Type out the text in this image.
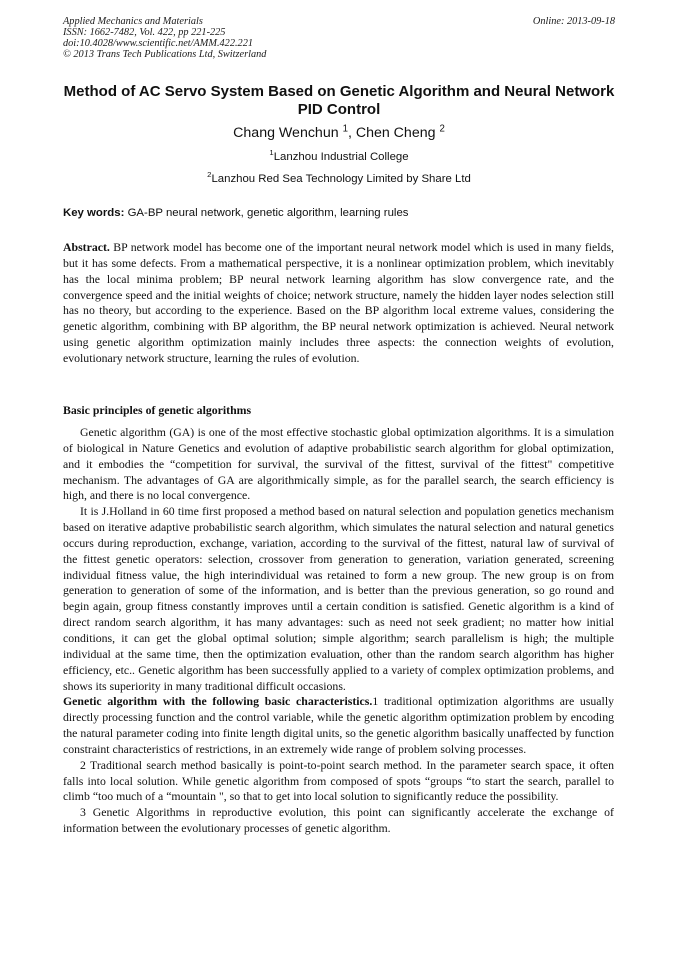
Applied Mechanics and Materials
ISSN: 1662-7482, Vol. 422, pp 221-225
doi:10.4028/www.scientific.net/AMM.422.221
© 2013 Trans Tech Publications Ltd, Switzerland
Online: 2013-09-18
Method of AC Servo System Based on Genetic Algorithm and Neural Network PID Control
Chang Wenchun $^1$, Chen Cheng $^2$
$^1$Lanzhou Industrial College
$^2$Lanzhou Red Sea Technology Limited by Share Ltd
Key words: GA-BP neural network, genetic algorithm, learning rules

Abstract. BP network model has become one of the important neural network model which is used in many fields, but it has some defects. From a mathematical perspective, it is a nonlinear optimization problem, which inevitably has the local minima problem; BP neural network learning algorithm has slow convergence rate, and the convergence speed and the initial weights of choice; network structure, namely the hidden layer nodes selection still has no theory, but according to the experience. Based on the BP algorithm local extreme values, considering the genetic algorithm, combining with BP algorithm, the BP neural network optimization is achieved. Neural network using genetic algorithm optimization mainly includes three aspects: the connection weights of evolution, evolutionary network structure, learning the rules of evolution.

Basic principles of genetic algorithms

Genetic algorithm (GA) is one of the most effective stochastic global optimization algorithms. It is a simulation of biological in Nature Genetics and evolution of adaptive probabilistic search algorithm for global optimization, and it embodies the “competition for survival, the survival of the fittest, survival of the fittest" competitive mechanism. The advantages of GA are algorithmically simple, as for the parallel search, the search efficiency is high, and there is no local convergence.

It is J.Holland in 60 time first proposed a method based on natural selection and population genetics mechanism based on iterative adaptive probabilistic search algorithm, which simulates the natural selection and natural genetics occurs during reproduction, exchange, variation, according to the survival of the fittest, natural law of survival of the fittest genetic operators: selection, crossover from generation to generation, variation generated, screening individual fitness value, the high interindividual was retained to form a new group. The new group is on from generation to generation of some of the information, and is better than the previous generation, so go round and begin again, group fitness constantly improves until a certain condition is satisfied. Genetic algorithm is a kind of direct random search algorithm, it has many advantages: such as need not seek gradient; no matter how initial conditions, it can get the global optimal solution; simple algorithm; search parallelism is high; the multiple individual at the same time, then the optimization evaluation, other than the random search algorithm has higher efficiency, etc.. Genetic algorithm has been successfully applied to a variety of complex optimization problems, and shows its superiority in many traditional difficult occasions.

Genetic algorithm with the following basic characteristics.1 traditional optimization algorithms are usually directly processing function and the control variable, while the genetic algorithm optimization problem by encoding the natural parameter coding into finite length digital units, so the genetic algorithm basically unaffected by function constraint characteristics of restrictions, in an extremely wide range of problem solving processes.

2 Traditional search method basically is point-to-point search method. In the parameter search space, it often falls into local solution. While genetic algorithm from composed of spots “groups “to start the search, parallel to climb “too much of a “mountain ", so that to get into local solution to significantly reduce the possibility.

3 Genetic Algorithms in reproductive evolution, this point can significantly accelerate the exchange of information between the evolutionary processes of genetic algorithm.
